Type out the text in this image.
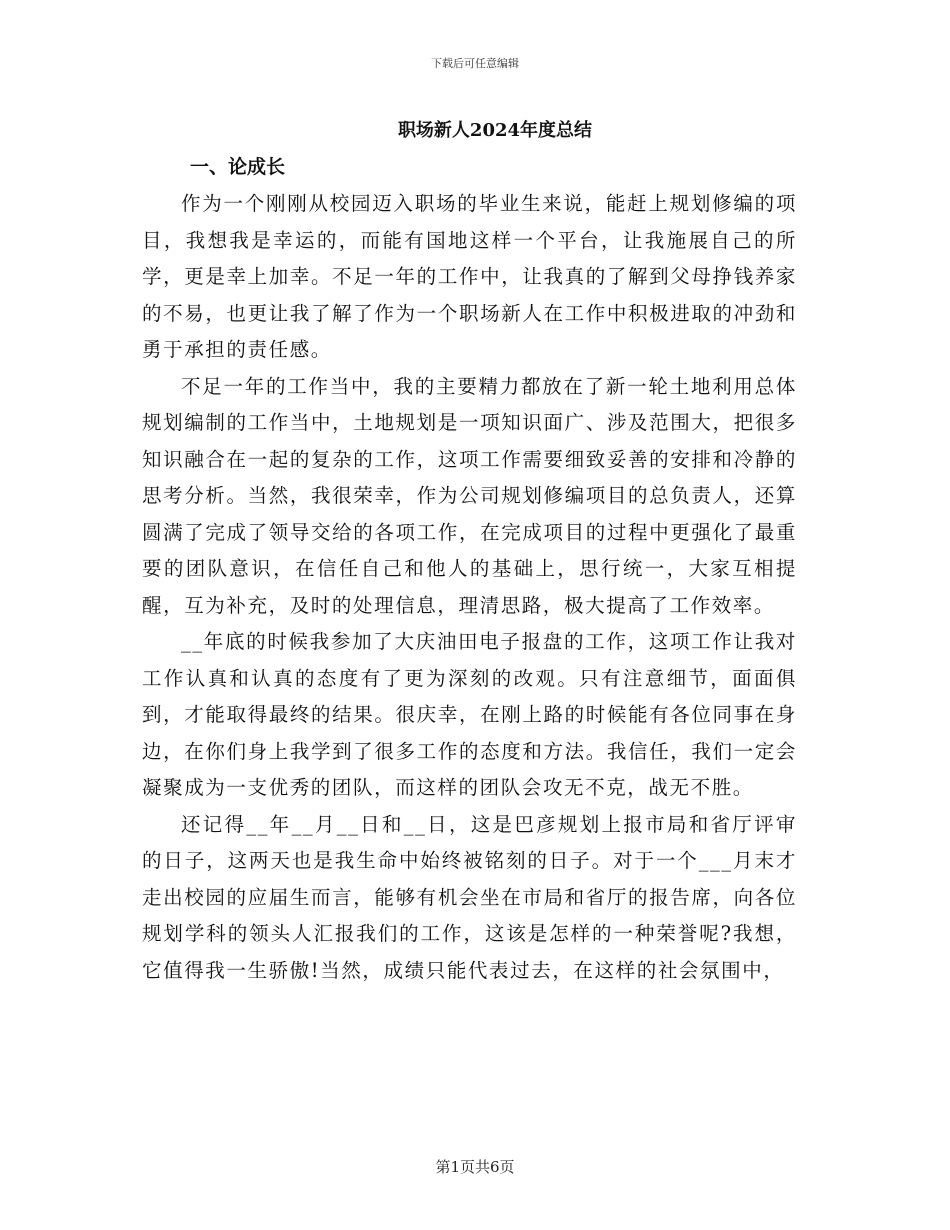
下载后可任意编辑
职场新人2024年度总结
一、论成长

作为一个刚刚从校园迈入职场的毕业生来说，能赶上规划修编的项目，我想我是幸运的，而能有国地这样一个平台，让我施展自己的所学，更是幸上加幸。不足一年的工作中，让我真的了解到父母挣钱养家的不易，也更让我了解了作为一个职场新人在工作中积极进取的冲劲和勇于承担的责任感。

不足一年的工作当中，我的主要精力都放在了新一轮土地利用总体规划编制的工作当中，土地规划是一项知识面广、涉及范围大，把很多知识融合在一起的复杂的工作，这项工作需要细致妥善的安排和冷静的思考分析。当然，我很荣幸，作为公司规划修编项目的总负责人，还算圆满了完成了领导交给的各项工作，在完成项目的过程中更强化了最重要的团队意识，在信任自己和他人的基础上，思行统一，大家互相提醒，互为补充，及时的处理信息，理清思路，极大提高了工作效率。

__年底的时候我参加了大庆油田电子报盘的工作，这项工作让我对工作认真和认真的态度有了更为深刻的改观。只有注意细节，面面俱到，才能取得最终的结果。很庆幸，在刚上路的时候能有各位同事在身边，在你们身上我学到了很多工作的态度和方法。我信任，我们一定会凝聚成为一支优秀的团队，而这样的团队会攻无不克，战无不胜。

还记得__年__月__日和__日，这是巴彦规划上报市局和省厅评审的日子，这两天也是我生命中始终被铭刻的日子。对于一个___月末才走出校园的应届生而言，能够有机会坐在市局和省厅的报告席，向各位规划学科的领头人汇报我们的工作，这该是怎样的一种荣誉呢?我想，它值得我一生骄傲!当然，成绩只能代表过去，在这样的社会氛围中，

第1页共6页
